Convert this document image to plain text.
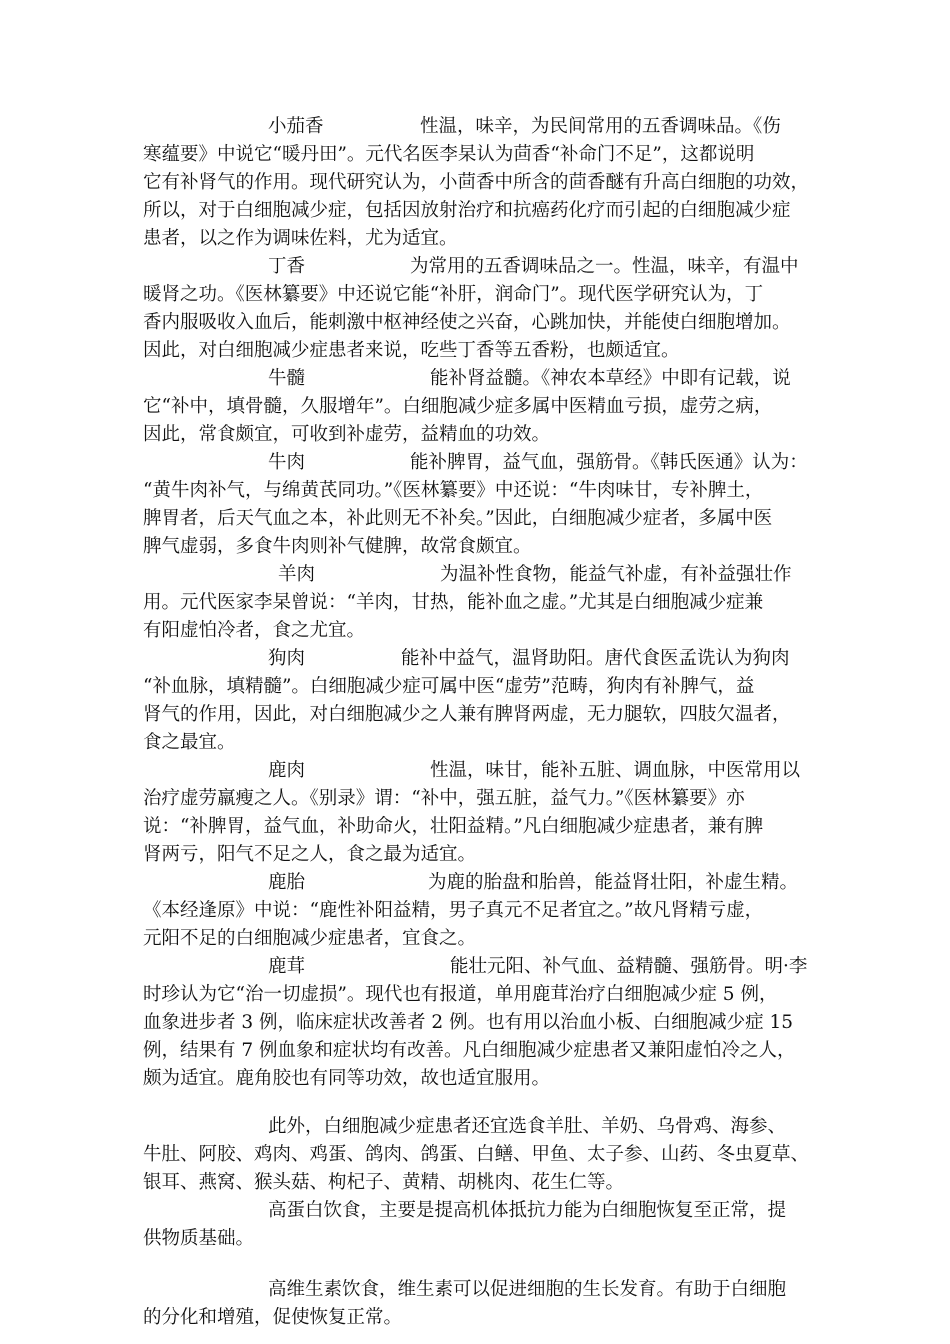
小茄香	性温，味辛，为民间常用的五香调味品。《伤
寒蕴要》中说它“暖丹田”。元代名医李杲认为茴香“补命门不足”，这都说明
它有补肾气的作用。现代研究认为，小茴香中所含的茴香醚有升高白细胞的功效，
所以，对于白细胞减少症，包括因放射治疗和抗癌药化疗而引起的白细胞减少症
患者，以之作为调味佐料，尤为适宜。
丁香	为常用的五香调味品之一。性温，味辛，有温中
暖肾之功。《医林纂要》中还说它能“补肝，润命门”。现代医学研究认为，丁
香内服吸收入血后，能刺激中枢神经使之兴奋，心跳加快，并能使白细胞增加。
因此，对白细胞减少症患者来说，吃些丁香等五香粉，也颇适宜。
牛髓	能补肾益髓。《神农本草经》中即有记载，说
它“补中，填骨髓，久服增年”。白细胞减少症多属中医精血亏损，虚劳之病，
因此，常食颇宜，可收到补虚劳，益精血的功效。
牛肉	能补脾胃，益气血，强筋骨。《韩氏医通》认为：
“黄牛肉补气，与绵黄芪同功。”《医林纂要》中还说：“牛肉味甘，专补脾土，
脾胃者，后天气血之本，补此则无不补矣。”因此，白细胞减少症者，多属中医
脾气虚弱，多食牛肉则补气健脾，故常食颇宜。
羊肉	为温补性食物，能益气补虚，有补益强壮作
用。元代医家李杲曾说：“羊肉，甘热，能补血之虚。”尤其是白细胞减少症兼
有阳虚怕冷者，食之尤宜。
狗肉	能补中益气，温肾助阳。唐代食医孟诜认为狗肉
“补血脉，填精髓”。白细胞减少症可属中医“虚劳”范畴，狗肉有补脾气，益
肾气的作用，因此，对白细胞减少之人兼有脾肾两虚，无力腿软，四肢欠温者，
食之最宜。
鹿肉	性温，味甘，能补五脏、调血脉，中医常用以
治疗虚劳羸瘦之人。《别录》谓：“补中，强五脏，益气力。”《医林纂要》亦
说：“补脾胃，益气血，补助命火，壮阳益精。”凡白细胞减少症患者，兼有脾
肾两亏，阳气不足之人，食之最为适宜。
鹿胎	为鹿的胎盘和胎兽，能益肾壮阳，补虚生精。
《本经逢原》中说：“鹿性补阳益精，男子真元不足者宜之。”故凡肾精亏虚，
元阳不足的白细胞减少症患者，宜食之。
鹿茸	能壮元阳、补气血、益精髓、强筋骨。明·李
时珍认为它“治一切虚损”。现代也有报道，单用鹿茸治疗白细胞减少症 5 例，
血象进步者 3 例，临床症状改善者 2 例。也有用以治血小板、白细胞减少症 15
例，结果有 7 例血象和症状均有改善。凡白细胞减少症患者又兼阳虚怕冷之人，
颇为适宜。鹿角胶也有同等功效，故也适宜服用。
此外，白细胞减少症患者还宜选食羊肚、羊奶、乌骨鸡、海参、
牛肚、阿胶、鸡肉、鸡蛋、鸽肉、鸽蛋、白鳝、甲鱼、太子参、山药、冬虫夏草、
银耳、燕窝、猴头菇、枸杞子、黄精、胡桃肉、花生仁等。
高蛋白饮食，主要是提高机体抵抗力能为白细胞恢复至正常，提
供物质基础。
高维生素饮食，维生素可以促进细胞的生长发育。有助于白细胞
的分化和增殖，促使恢复正常。
